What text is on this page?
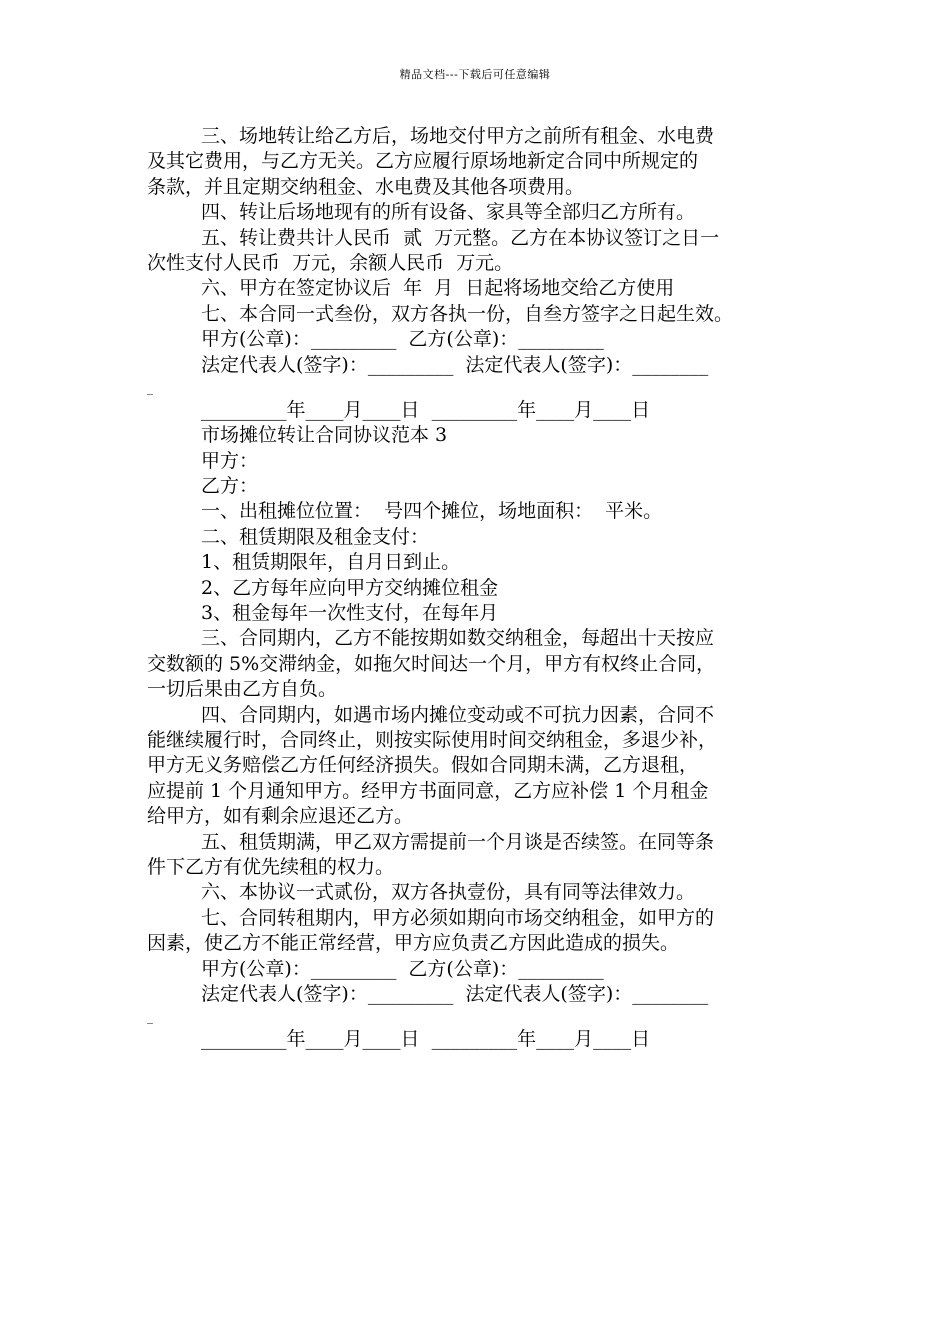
精品文档---下载后可任意编辑
三、场地转让给乙方后，场地交付甲方之前所有租金、水电费
及其它费用，与乙方无关。乙方应履行原场地新定合同中所规定的
条款，并且定期交纳租金、水电费及其他各项费用。
四、转让后场地现有的所有设备、家具等全部归乙方所有。
五、转让费共计人民币  贰  万元整。乙方在本协议签订之日一
次性支付人民币  万元，余额人民币  万元。
六、甲方在签定协议后  年  月  日起将场地交给乙方使用
七、本合同一式叁份，双方各执一份，自叁方签字之日起生效。
甲方(公章)：_________  乙方(公章)：_________
法定代表人(签字)：_________  法定代表人(签字)：________
_
_________年____月____日  _________年____月____日
市场摊位转让合同协议范本 3
甲方：
乙方：
一、出租摊位位置：  号四个摊位，场地面积：  平米。
二、租赁期限及租金支付：
1、租赁期限年，自月日到止。
2、乙方每年应向甲方交纳摊位租金
3、租金每年一次性支付，在每年月
三、合同期内，乙方不能按期如数交纳租金，每超出十天按应
交数额的 5%交滞纳金，如拖欠时间达一个月，甲方有权终止合同，
一切后果由乙方自负。
四、合同期内，如遇市场内摊位变动或不可抗力因素，合同不
能继续履行时，合同终止，则按实际使用时间交纳租金，多退少补，
甲方无义务赔偿乙方任何经济损失。假如合同期未满，乙方退租，
应提前 1 个月通知甲方。经甲方书面同意，乙方应补偿 1 个月租金
给甲方，如有剩余应退还乙方。
五、租赁期满，甲乙双方需提前一个月谈是否续签。在同等条
件下乙方有优先续租的权力。
六、本协议一式贰份，双方各执壹份，具有同等法律效力。
七、合同转租期内，甲方必须如期向市场交纳租金，如甲方的
因素，使乙方不能正常经营，甲方应负责乙方因此造成的损失。
甲方(公章)：_________  乙方(公章)：_________
法定代表人(签字)：_________  法定代表人(签字)：________
_
_________年____月____日  _________年____月____日
